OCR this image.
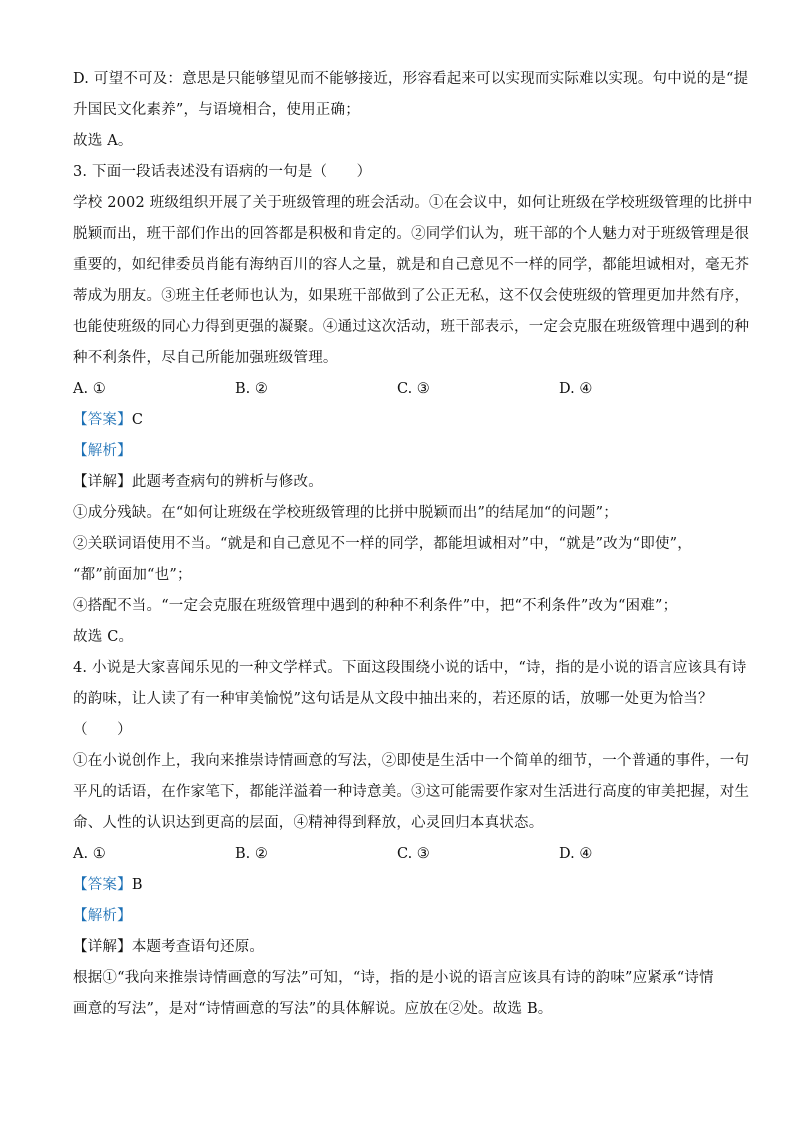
D. 可望不可及：意思是只能够望见而不能够接近，形容看起来可以实现而实际难以实现。句中说的是“提
升国民文化素养”，与语境相合，使用正确；
故选 A。
3. 下面一段话表述没有语病的一句是（　　）
学校 2002 班级组织开展了关于班级管理的班会活动。①在会议中，如何让班级在学校班级管理的比拼中
脱颖而出，班干部们作出的回答都是积极和肯定的。②同学们认为，班干部的个人魅力对于班级管理是很
重要的，如纪律委员肖能有海纳百川的容人之量，就是和自己意见不一样的同学，都能坦诚相对，毫无芥
蒂成为朋友。③班主任老师也认为，如果班干部做到了公正无私，这不仅会使班级的管理更加井然有序，
也能使班级的同心力得到更强的凝聚。④通过这次活动，班干部表示，一定会克服在班级管理中遇到的种
种不利条件，尽自己所能加强班级管理。
A. ①	B. ②	C. ③	D. ④
【答案】C
【解析】
【详解】此题考查病句的辨析与修改。
①成分残缺。在“如何让班级在学校班级管理的比拼中脱颖而出”的结尾加“的问题”；
②关联词语使用不当。“就是和自己意见不一样的同学，都能坦诚相对”中，“就是”改为“即使”，
“都”前面加“也”；
④搭配不当。“一定会克服在班级管理中遇到的种种不利条件”中，把“不利条件”改为“困难”；
故选 C。
4. 小说是大家喜闻乐见的一种文学样式。下面这段围绕小说的话中，“诗，指的是小说的语言应该具有诗
的韵味，让人读了有一种审美愉悦”这句话是从文段中抽出来的，若还原的话，放哪一处更为恰当？
（　　）
①在小说创作上，我向来推崇诗情画意的写法，②即使是生活中一个简单的细节，一个普通的事件，一句
平凡的话语，在作家笔下，都能洋溢着一种诗意美。③这可能需要作家对生活进行高度的审美把握，对生
命、人性的认识达到更高的层面，④精神得到释放，心灵回归本真状态。
A. ①	B. ②	C. ③	D. ④
【答案】B
【解析】
【详解】本题考查语句还原。
根据①“我向来推崇诗情画意的写法”可知，“诗，指的是小说的语言应该具有诗的韵味”应紧承“诗情
画意的写法”，是对“诗情画意的写法”的具体解说。应放在②处。故选 B。
